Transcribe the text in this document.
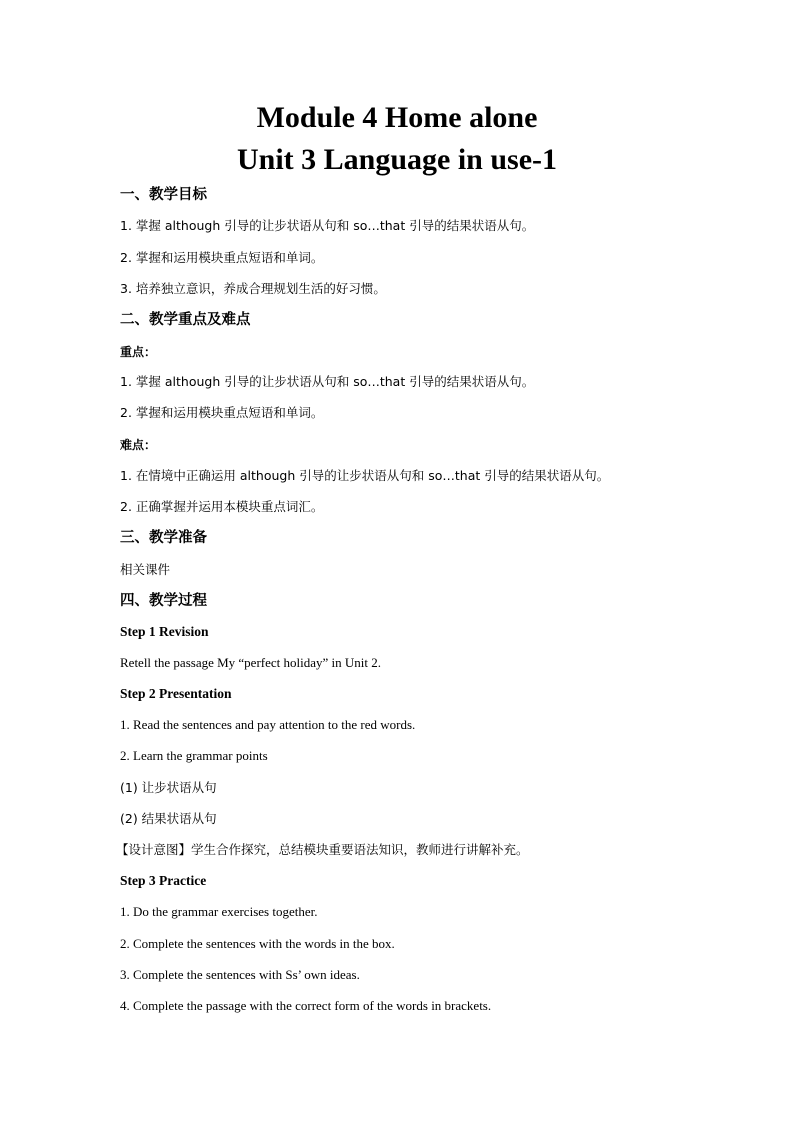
Module 4 Home alone
Unit 3 Language in use-1
一、教学目标
1. 掌握 although 引导的让步状语从句和 so…that 引导的结果状语从句。
2. 掌握和运用模块重点短语和单词。
3. 培养独立意识，养成合理规划生活的好习惯。
二、教学重点及难点
重点：
1. 掌握 although 引导的让步状语从句和 so…that 引导的结果状语从句。
2. 掌握和运用模块重点短语和单词。
难点：
1. 在情境中正确运用 although 引导的让步状语从句和 so…that 引导的结果状语从句。
2. 正确掌握并运用本模块重点词汇。
三、教学准备
相关课件
四、教学过程
Step 1 Revision
Retell the passage My “perfect holiday” in Unit 2.
Step 2 Presentation
1. Read the sentences and pay attention to the red words.
2. Learn the grammar points
(1) 让步状语从句
(2) 结果状语从句
【设计意图】学生合作探究，总结模块重要语法知识，教师进行讲解补充。
Step 3 Practice
1. Do the grammar exercises together.
2. Complete the sentences with the words in the box.
3. Complete the sentences with Ss’ own ideas.
4. Complete the passage with the correct form of the words in brackets.
